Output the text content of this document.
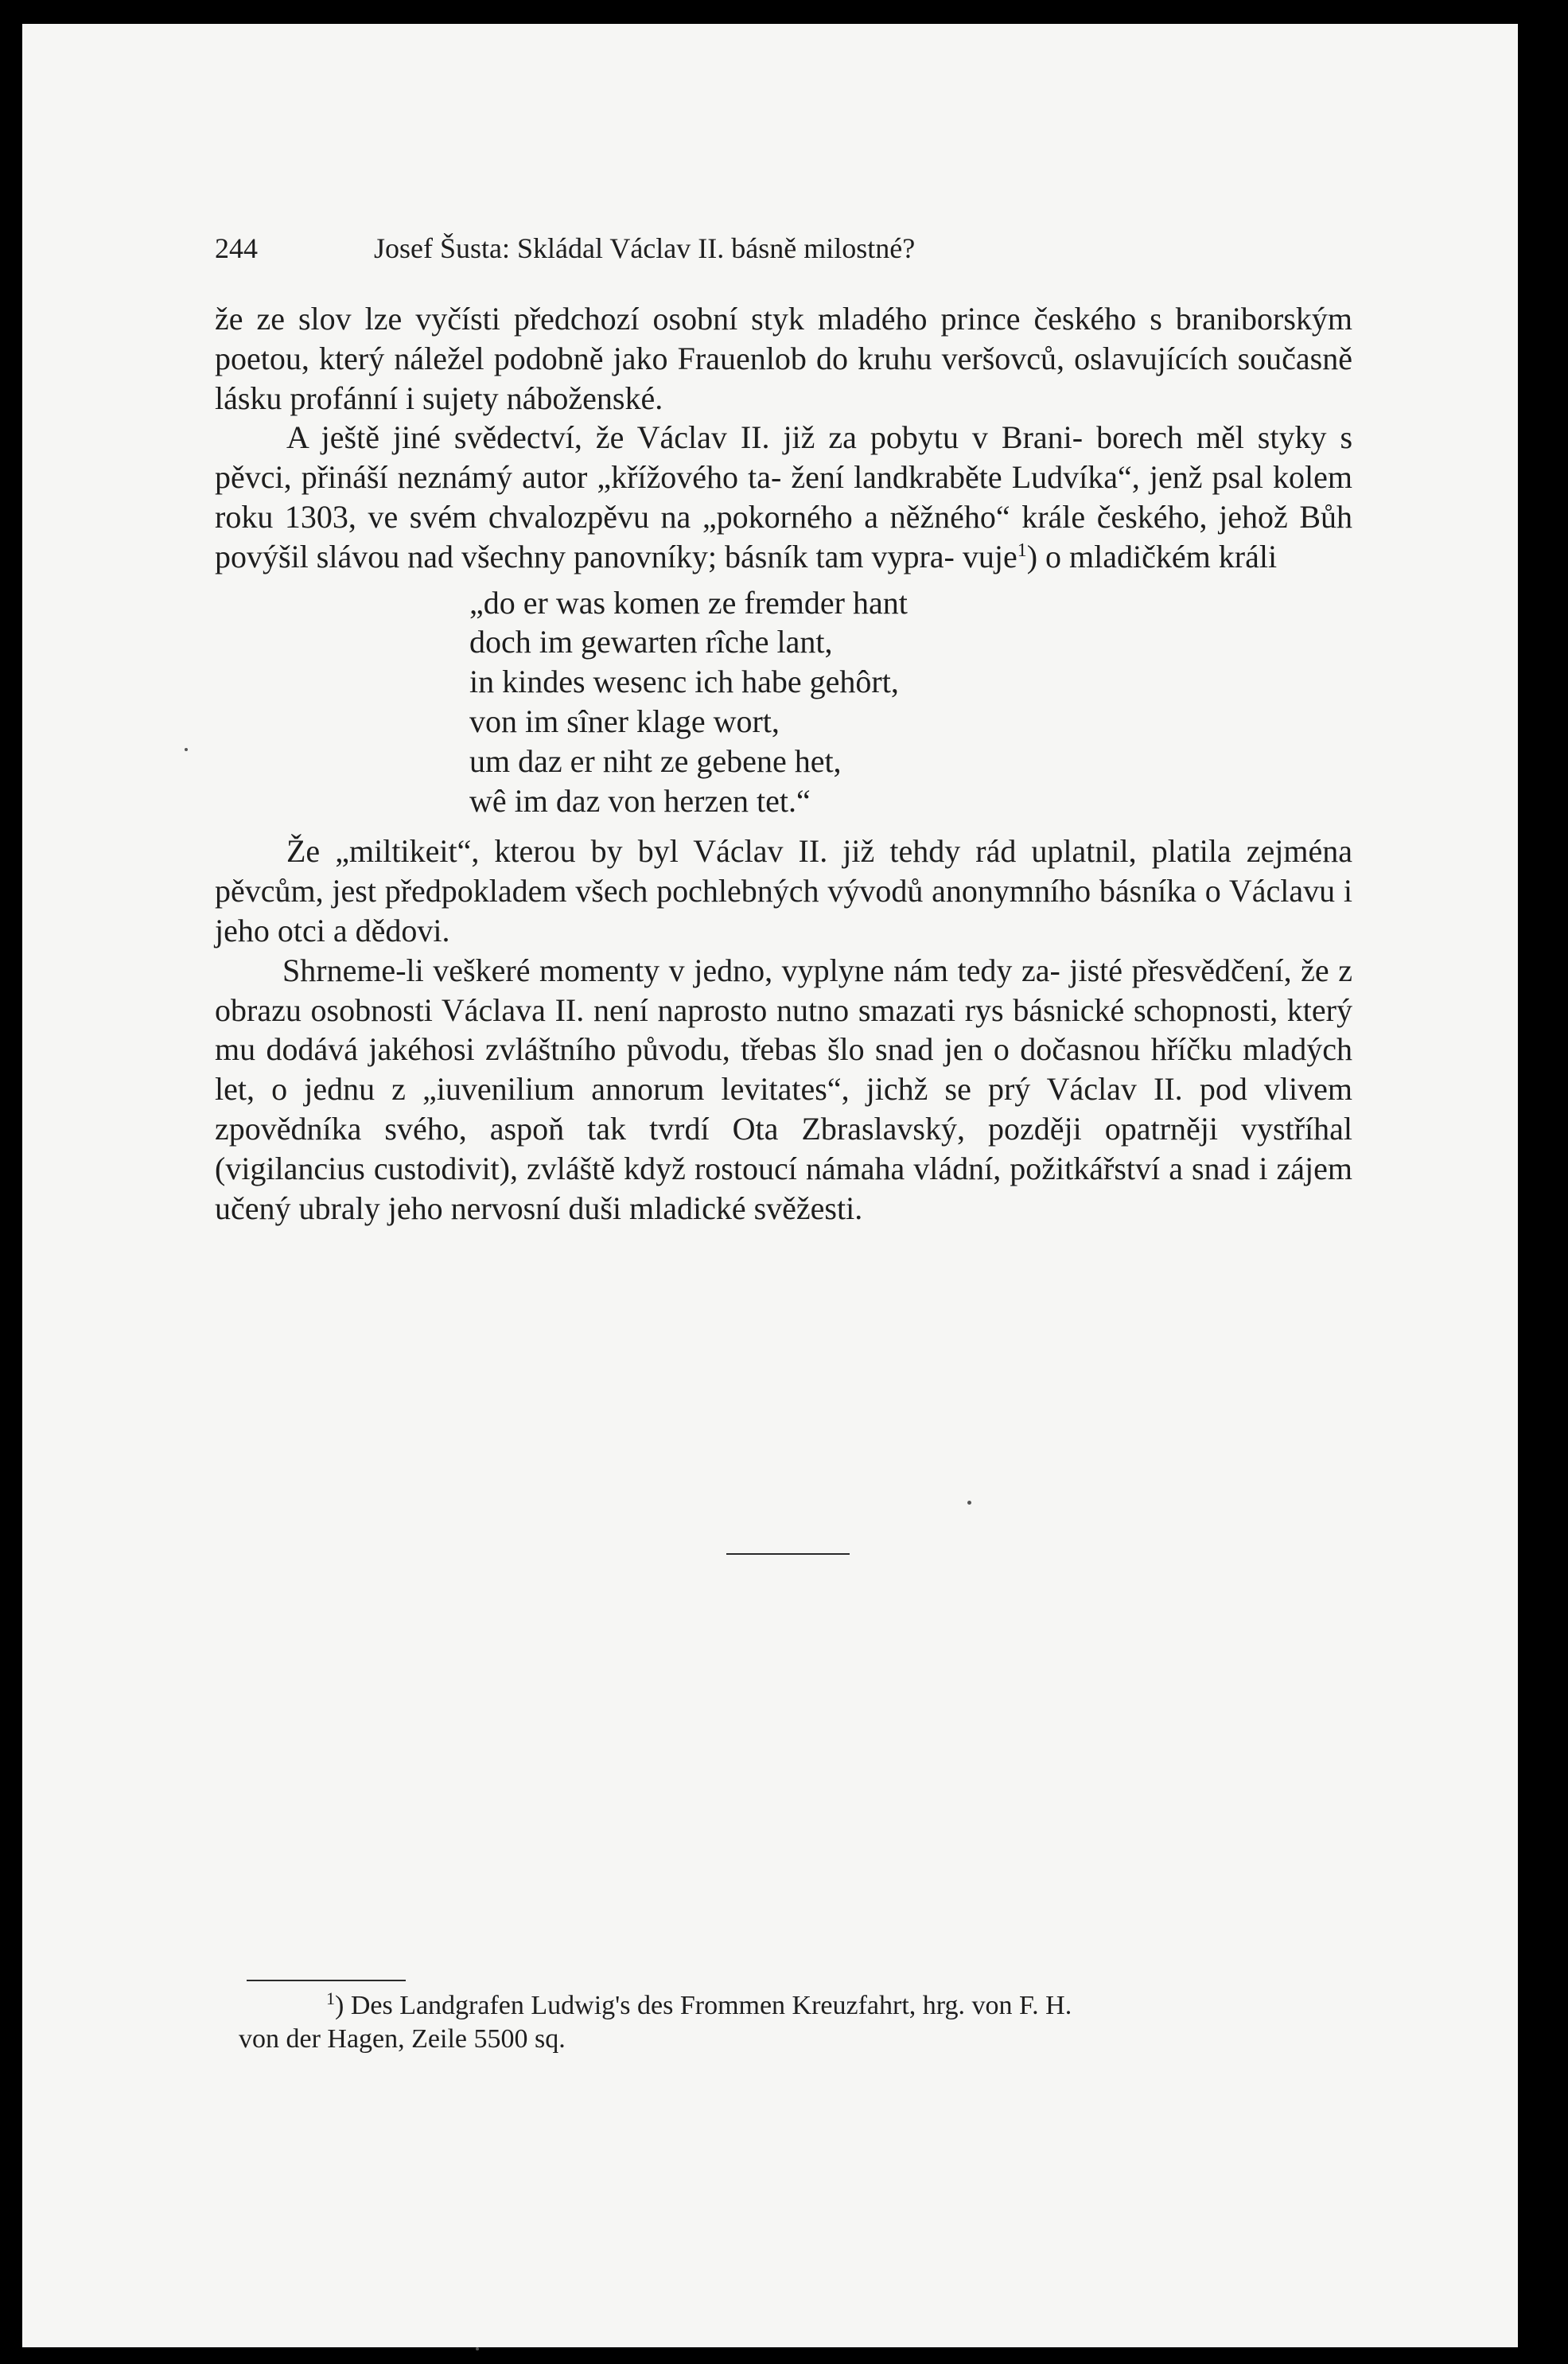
244	Josef Šusta: Skládal Václav II. básně milostné?

že ze slov lze vyčísti předchozí osobní styk mladého prince českého s braniborským poetou, který náležel podobně jako Frauenlob do kruhu veršovců, oslavujících současně lásku profánní i sujety náboženské.

A ještě jiné svědectví, že Václav II. již za pobytu v Brani- borech měl styky s pěvci, přináší neznámý autor „křížového ta- žení landkraběte Ludvíka“, jenž psal kolem roku 1303, ve svém chvalozpěvu na „pokorného a něžného“ krále českého, jehož Bůh povýšil slávou nad všechny panovníky; básník tam vypra- vuje$^1$) o mladičkém králi

„do er was komen ze fremder hant
doch im gewarten rîche lant,
in kindes wesenc ich habe gehôrt,
von im sîner klage wort,
um daz er niht ze gebene het,
wê im daz von herzen tet.“

Že „miltikeit“, kterou by byl Václav II. již tehdy rád uplatnil, platila zejména pěvcům, jest předpokladem všech pochlebných vývodů anonymního básníka o Václavu i jeho otci a dědovi.

Shrneme-li veškeré momenty v jedno, vyplyne nám tedy za- jisté přesvědčení, že z obrazu osobnosti Václava II. není naprosto nutno smazati rys básnické schopnosti, který mu dodává jakéhosi zvláštního původu, třebas šlo snad jen o dočasnou hříčku mladých let, o jednu z „iuvenilium annorum levitates“, jichž se prý Václav II. pod vlivem zpovědníka svého, aspoň tak tvrdí Ota Zbraslavský, později opatrněji vystříhal (vigilancius custodivit), zvláště když rostoucí námaha vládní, požitkářství a snad i zájem učený ubraly jeho nervosní duši mladické svěžesti.

$^1$) Des Landgrafen Ludwig's des Frommen Kreuzfahrt, hrg. von F. H.
von der Hagen, Zeile 5500 sq.
